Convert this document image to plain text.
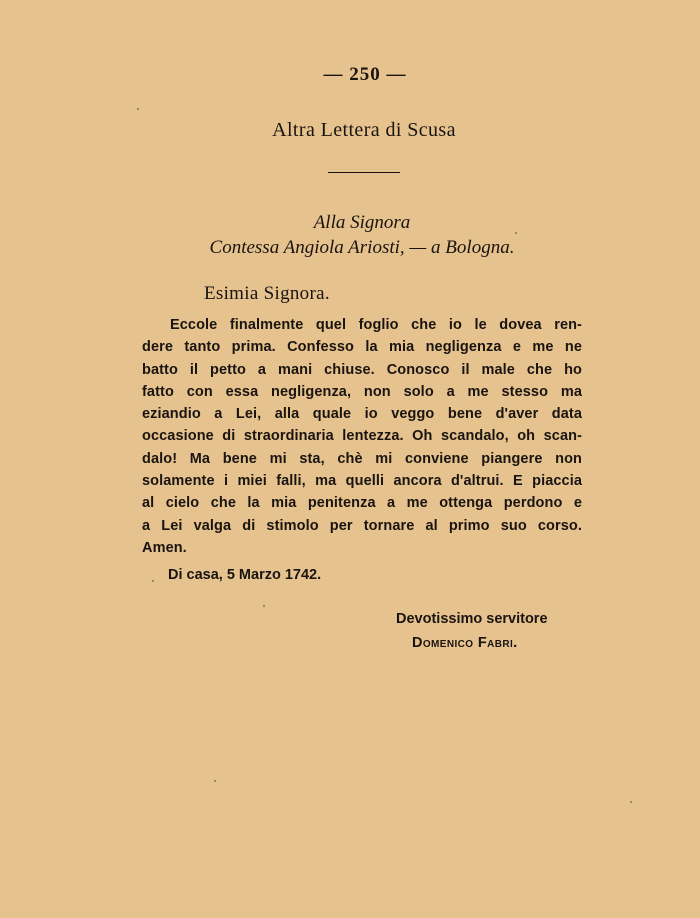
— 250 —
Altra Lettera di Scusa
Alla Signora
Contessa Angiola Ariosti, — a Bologna.
Esimia Signora.
Eccole finalmente quel foglio che io le dovea ren-
dere tanto prima. Confesso la mia negligenza e me ne
batto il petto a mani chiuse. Conosco il male che ho
fatto con essa negligenza, non solo a me stesso ma
eziandio a Lei, alla quale io veggo bene d'aver data
occasione di straordinaria lentezza. Oh scandalo, oh scan-
dalo! Ma bene mi sta, chè mi conviene piangere non
solamente i miei falli, ma quelli ancora d'altrui. E piaccia
al cielo che la mia penitenza a me ottenga perdono e
a Lei valga di stimolo per tornare al primo suo corso.
Amen.
Di casa, 5 Marzo 1742.
Devotissimo servitore
Domenico Fabri.
